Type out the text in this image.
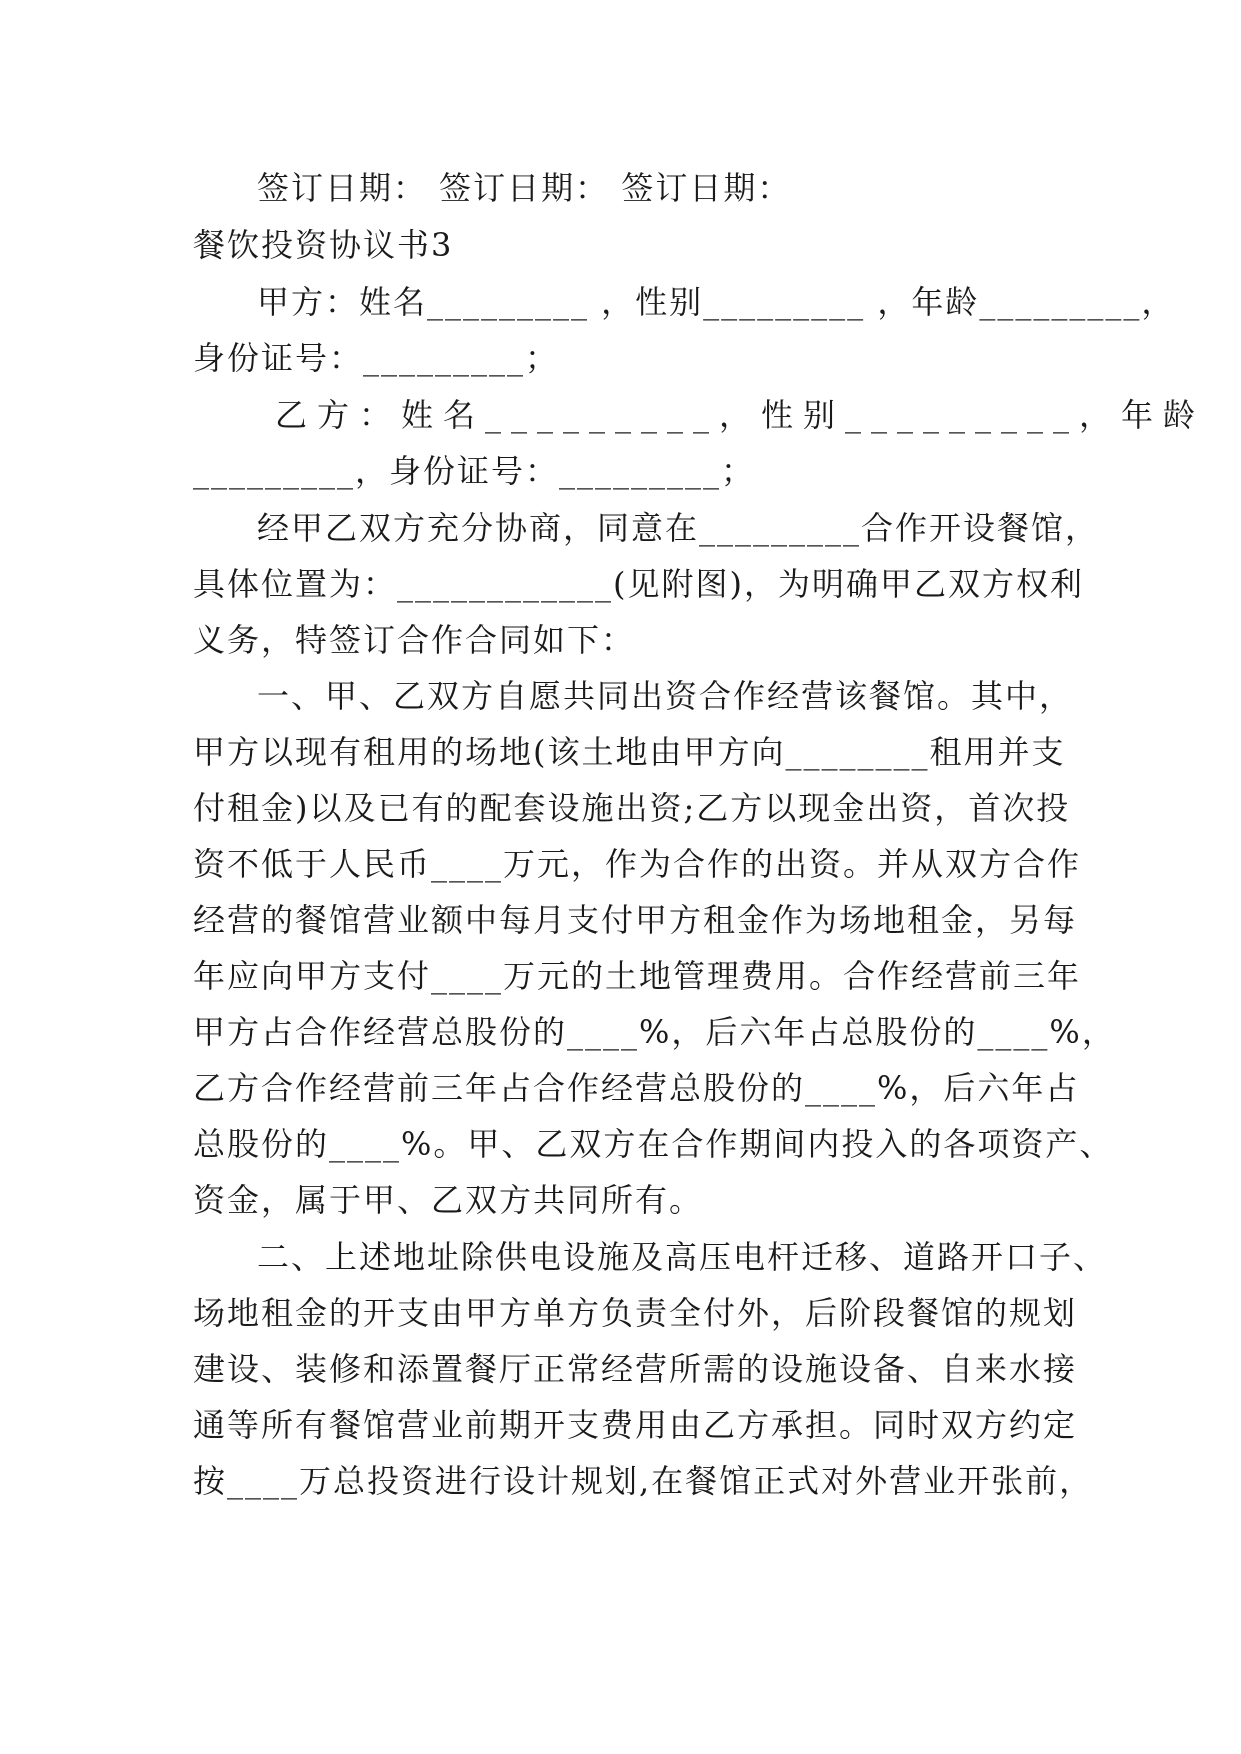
签订日期： 签订日期： 签订日期：
餐饮投资协议书3
甲方：姓名_________ ，性别_________ ，年龄_________，
身份证号：_________；
乙方：姓名_________，性别_________，年龄
_________，身份证号：_________；
经甲乙双方充分协商，同意在_________合作开设餐馆，
具体位置为：____________(见附图)，为明确甲乙双方权利
义务，特签订合作合同如下：
一、甲、乙双方自愿共同出资合作经营该餐馆。其中，
甲方以现有租用的场地(该土地由甲方向________租用并支
付租金)以及已有的配套设施出资;乙方以现金出资，首次投
资不低于人民币____万元，作为合作的出资。并从双方合作
经营的餐馆营业额中每月支付甲方租金作为场地租金，另每
年应向甲方支付____万元的土地管理费用。合作经营前三年
甲方占合作经营总股份的____%，后六年占总股份的____%，
乙方合作经营前三年占合作经营总股份的____%，后六年占
总股份的____%。甲、乙双方在合作期间内投入的各项资产、
资金，属于甲、乙双方共同所有。
二、上述地址除供电设施及高压电杆迁移、道路开口子、
场地租金的开支由甲方单方负责全付外，后阶段餐馆的规划
建设、装修和添置餐厅正常经营所需的设施设备、自来水接
通等所有餐馆营业前期开支费用由乙方承担。同时双方约定
按____万总投资进行设计规划,在餐馆正式对外营业开张前，
